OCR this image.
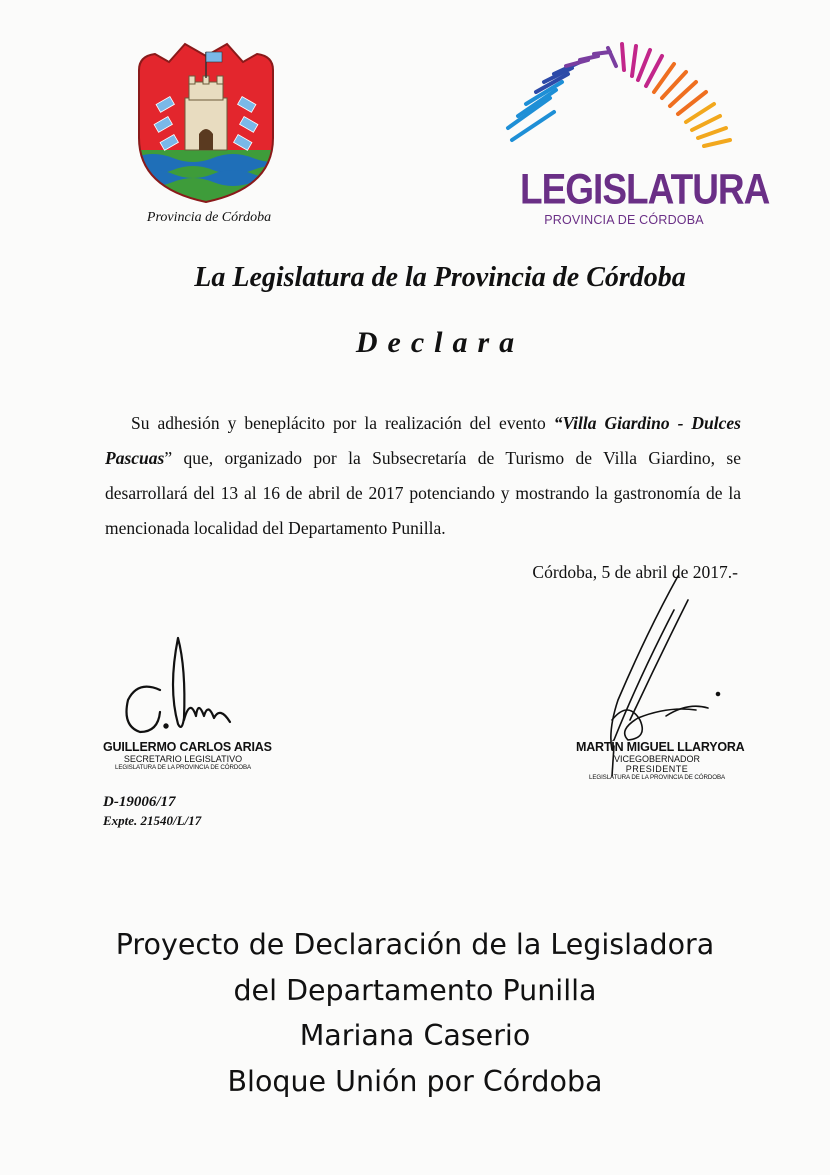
Provincia de Córdoba
LEGISLATURA
PROVINCIA DE CÓRDOBA
La Legislatura de la Provincia de Córdoba
Declara
Su adhesión y beneplácito por la realización del evento “Villa Giardino - Dulces Pascuas” que, organizado por la Subsecretaría de Turismo de Villa Giardino, se desarrollará del 13 al 16 de abril de 2017 potenciando y mostrando la gastronomía de la mencionada localidad del Departamento Punilla.
Córdoba, 5 de abril de 2017.-
GUILLERMO CARLOS ARIAS
SECRETARIO LEGISLATIVO
LEGISLATURA DE LA PROVINCIA DE CÓRDOBA
MARTÍN MIGUEL LLARYORA
VICEGOBERNADOR
PRESIDENTE
LEGISLATURA DE LA PROVINCIA DE CÓRDOBA
D-19006/17
Expte. 21540/L/17
Proyecto de Declaración de la Legisladora
del Departamento Punilla
Mariana Caserio
Bloque Unión por Córdoba
